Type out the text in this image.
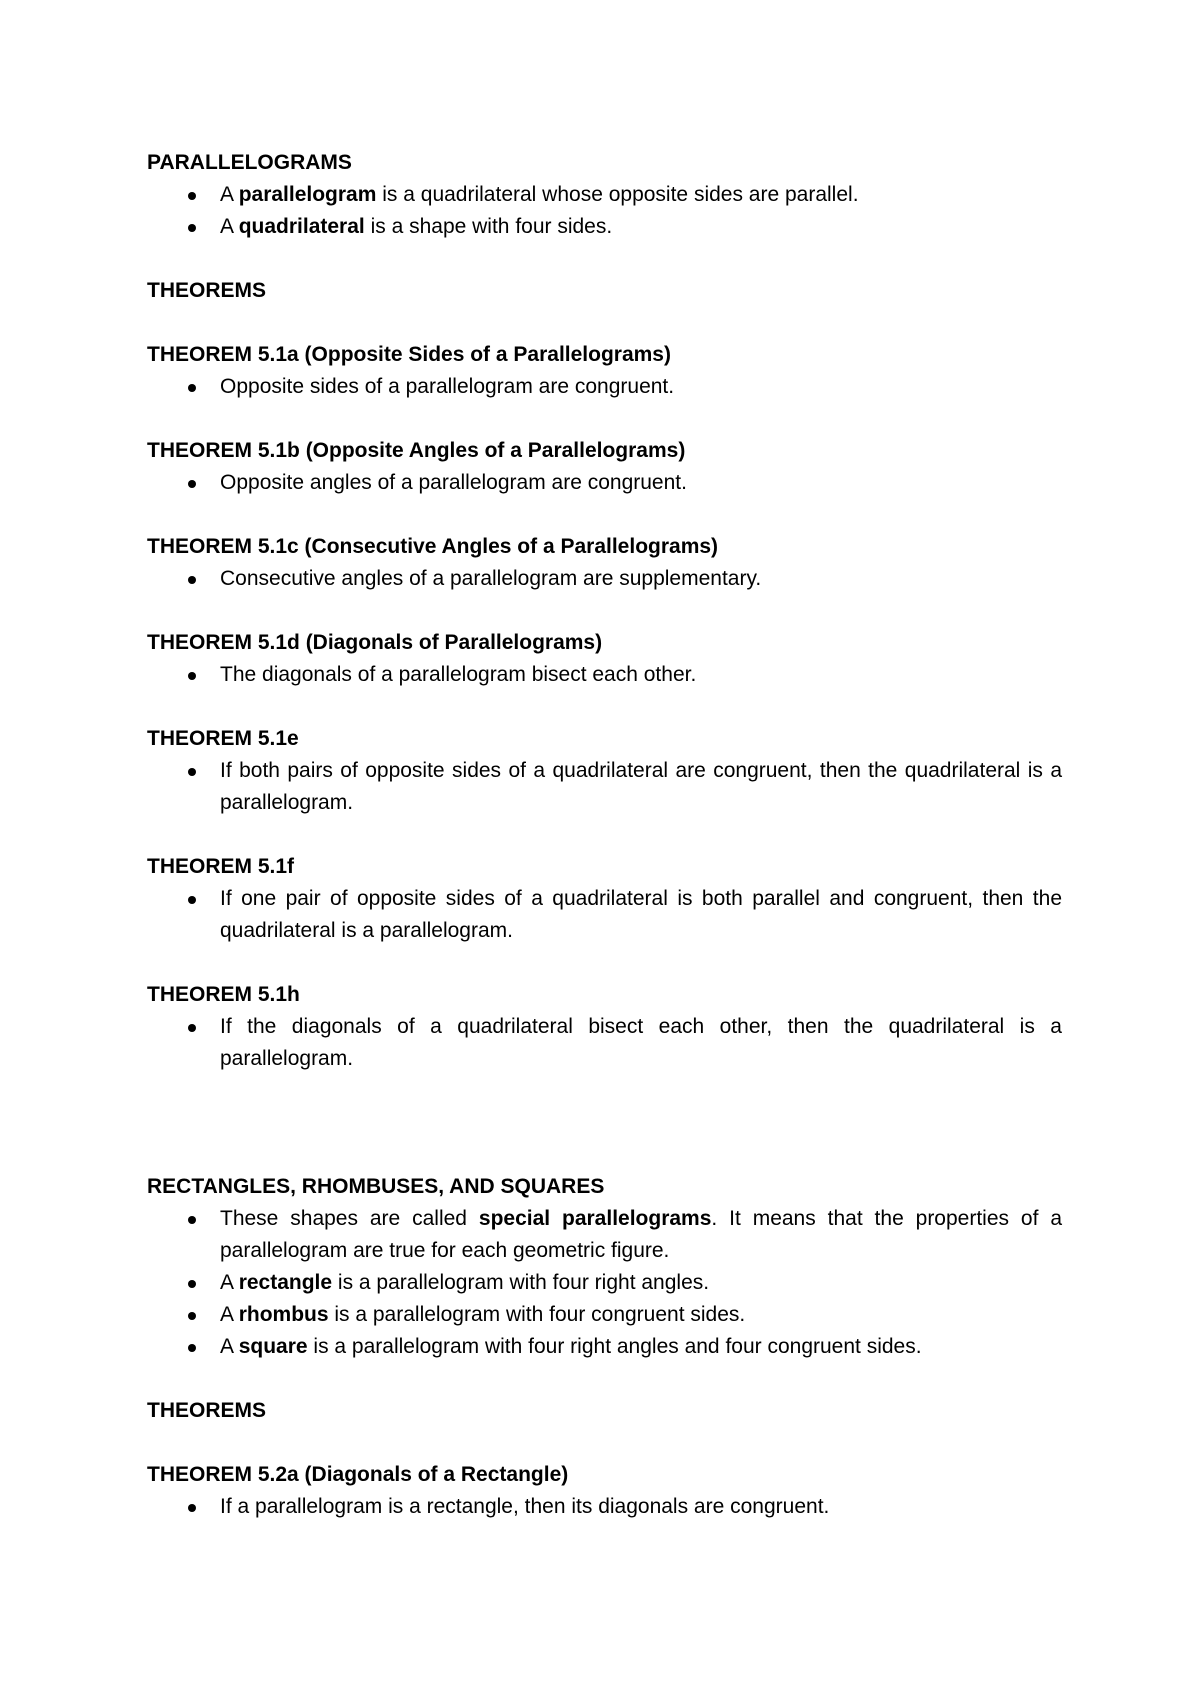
PARALLELOGRAMS

A parallelogram is a quadrilateral whose opposite sides are parallel.
A quadrilateral is a shape with four sides.

THEOREMS

THEOREM 5.1a (Opposite Sides of a Parallelograms)

Opposite sides of a parallelogram are congruent.

THEOREM 5.1b (Opposite Angles of a Parallelograms)

Opposite angles of a parallelogram are congruent.

THEOREM 5.1c (Consecutive Angles of a Parallelograms)

Consecutive angles of a parallelogram are supplementary.

THEOREM 5.1d (Diagonals of Parallelograms)

The diagonals of a parallelogram bisect each other.

THEOREM 5.1e

If both pairs of opposite sides of a quadrilateral are congruent, then the quadrilateral is a parallelogram.

THEOREM 5.1f

If one pair of opposite sides of a quadrilateral is both parallel and congruent, then the quadrilateral is a parallelogram.

THEOREM 5.1h

If the diagonals of a quadrilateral bisect each other, then the quadrilateral is a parallelogram.

RECTANGLES, RHOMBUSES, AND SQUARES

These shapes are called special parallelograms. It means that the properties of a parallelogram are true for each geometric figure.
A rectangle is a parallelogram with four right angles.
A rhombus is a parallelogram with four congruent sides.
A square is a parallelogram with four right angles and four congruent sides.

THEOREMS

THEOREM 5.2a (Diagonals of a Rectangle)

If a parallelogram is a rectangle, then its diagonals are congruent.
